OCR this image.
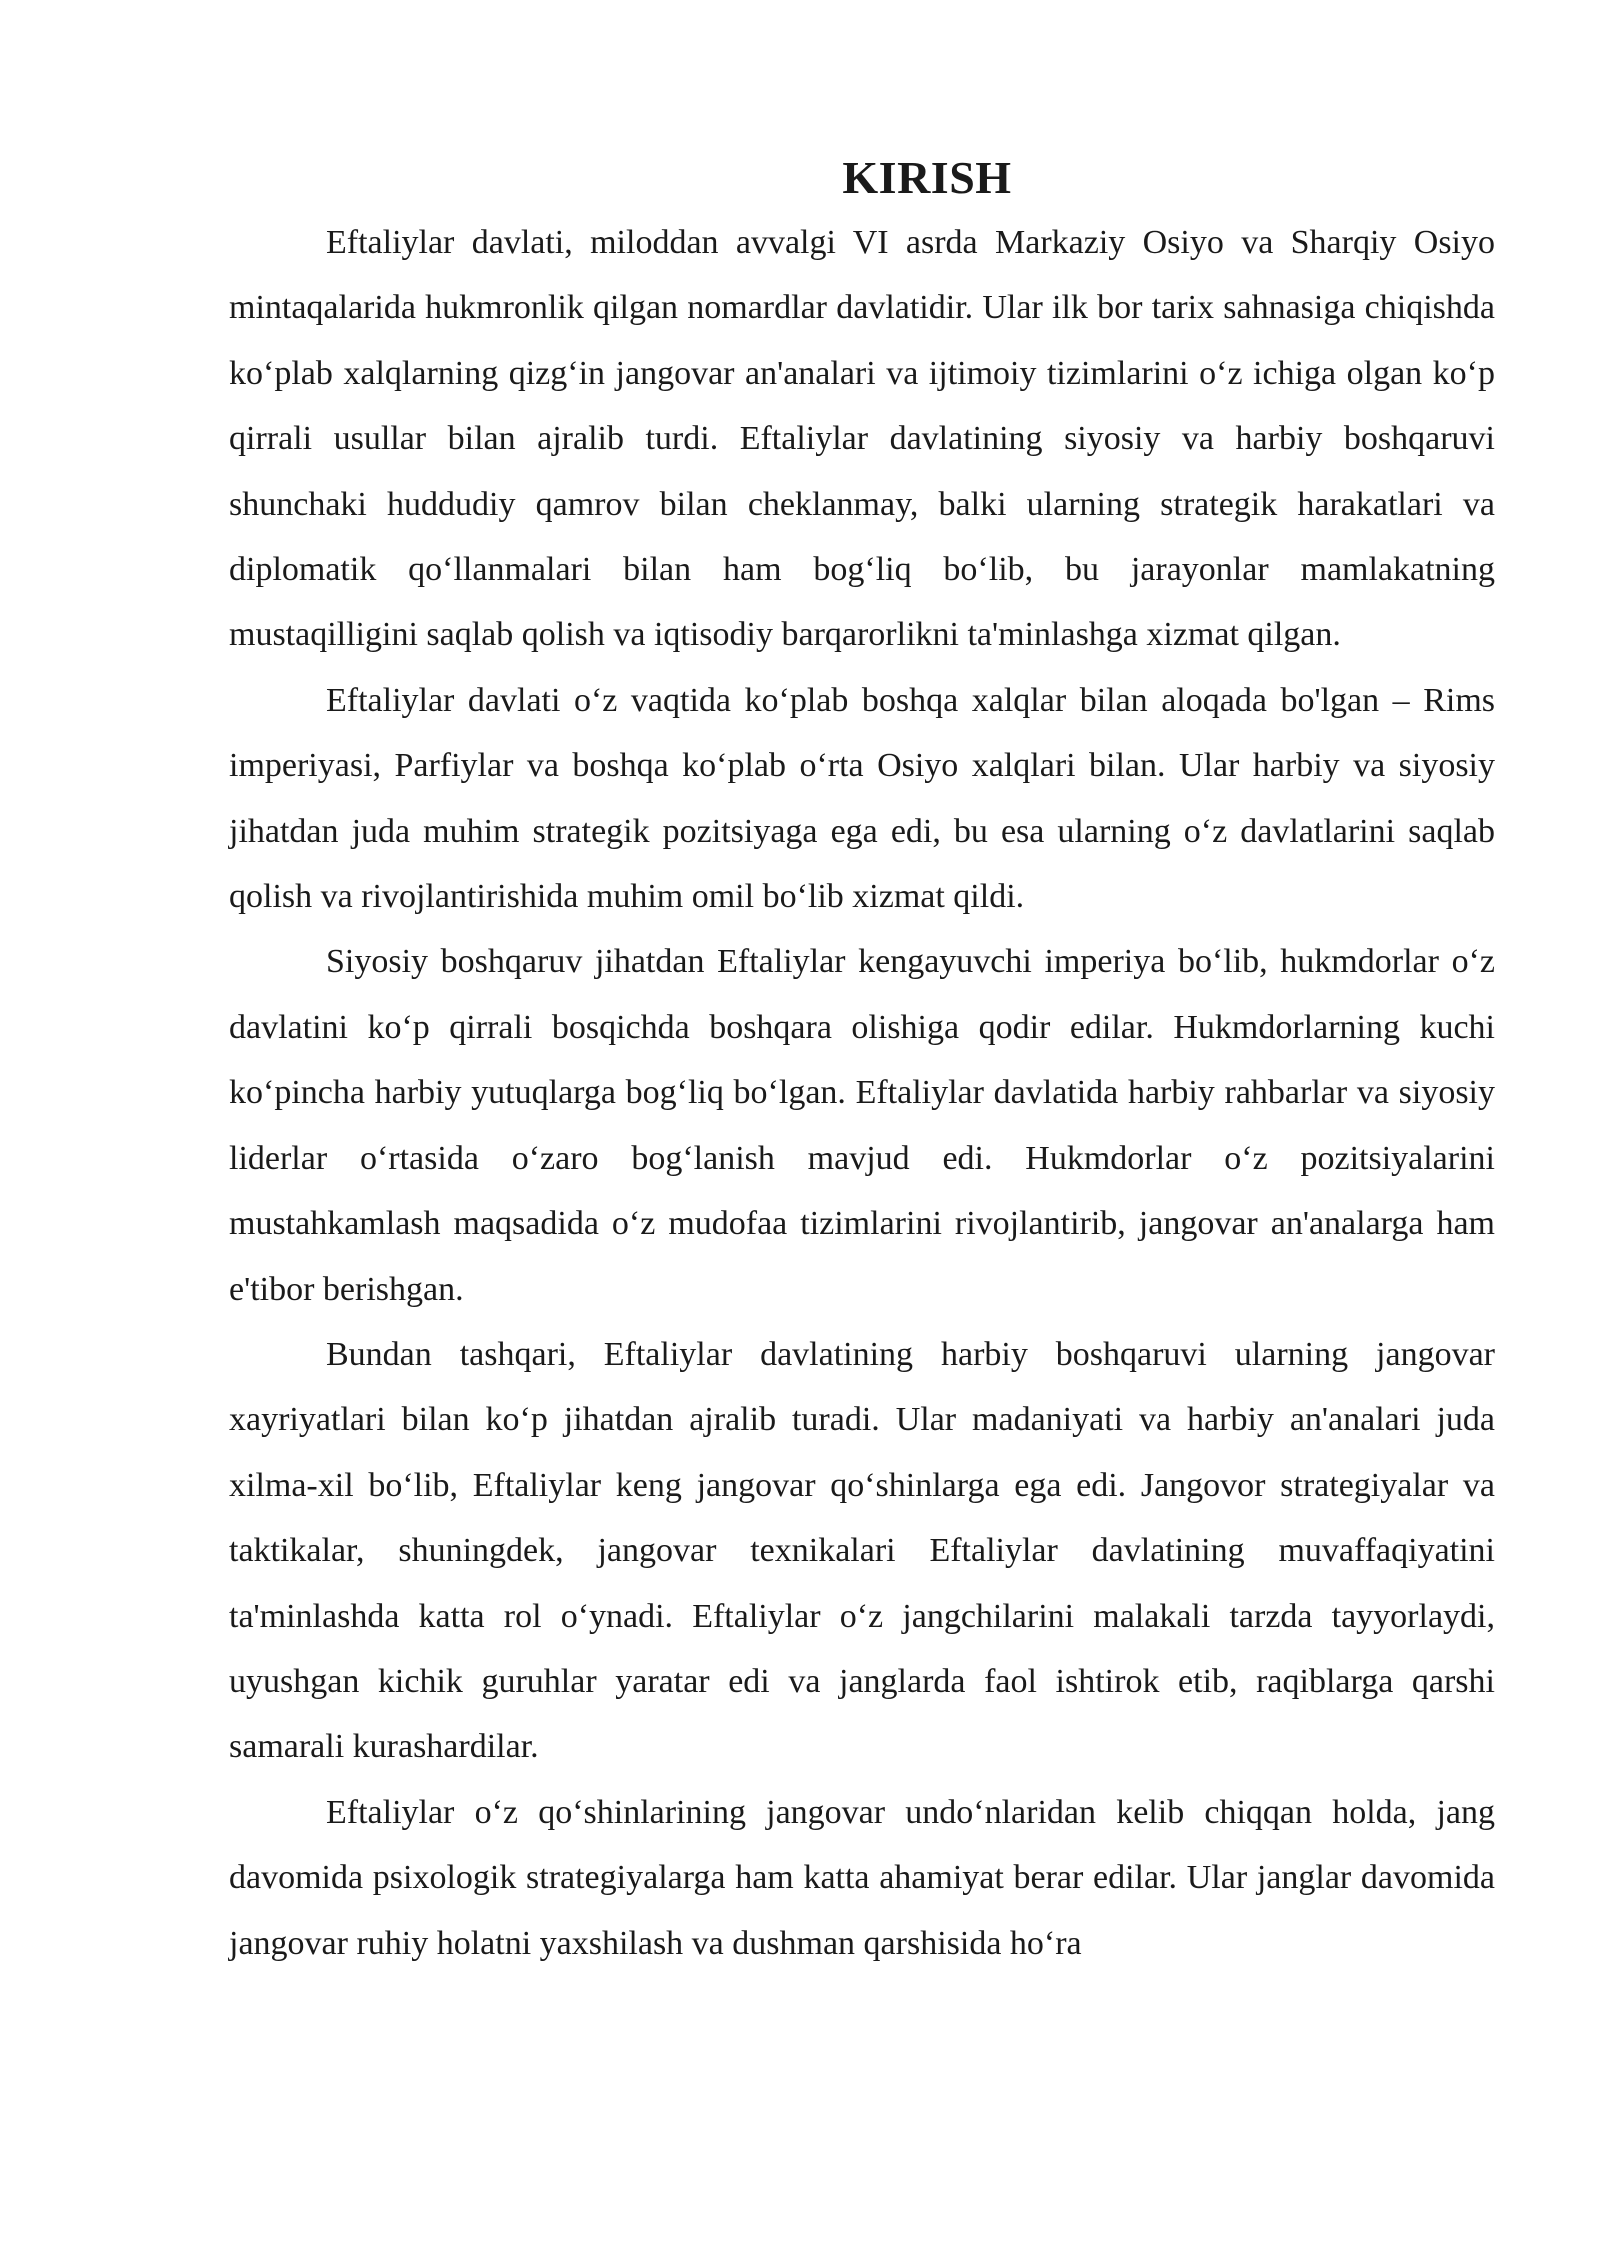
KIRISH

Eftaliylar davlati, miloddan avvalgi VI asrda Markaziy Osiyo va Sharqiy Osiyo mintaqalarida hukmronlik qilgan nomardlar davlatidir. Ular ilk bor tarix sahnasiga chiqishda ko‘plab xalqlarning qizg‘in jangovar an'analari va ijtimoiy tizimlarini o‘z ichiga olgan ko‘p qirrali usullar bilan ajralib turdi. Eftaliylar davlatining siyosiy va harbiy boshqaruvi shunchaki huddudiy qamrov bilan cheklanmay, balki ularning strategik harakatlari va diplomatik qo‘llanmalari bilan ham bog‘liq bo‘lib, bu jarayonlar mamlakatning mustaqilligini saqlab qolish va iqtisodiy barqarorlikni ta'minlashga xizmat qilgan.

Eftaliylar davlati o‘z vaqtida ko‘plab boshqa xalqlar bilan aloqada bo'lgan – Rims imperiyasi, Parfiylar va boshqa ko‘plab o‘rta Osiyo xalqlari bilan. Ular harbiy va siyosiy jihatdan juda muhim strategik pozitsiyaga ega edi, bu esa ularning o‘z davlatlarini saqlab qolish va rivojlantirishida muhim omil bo‘lib xizmat qildi.

Siyosiy boshqaruv jihatdan Eftaliylar kengayuvchi imperiya bo‘lib, hukmdorlar o‘z davlatini ko‘p qirrali bosqichda boshqara olishiga qodir edilar. Hukmdorlarning kuchi ko‘pincha harbiy yutuqlarga bog‘liq bo‘lgan. Eftaliylar davlatida harbiy rahbarlar va siyosiy liderlar o‘rtasida o‘zaro bog‘lanish mavjud edi. Hukmdorlar o‘z pozitsiyalarini mustahkamlash maqsadida o‘z mudofaa tizimlarini rivojlantirib, jangovar an'analarga ham e'tibor berishgan.

Bundan tashqari, Eftaliylar davlatining harbiy boshqaruvi ularning jangovar xayriyatlari bilan ko‘p jihatdan ajralib turadi. Ular madaniyati va harbiy an'analari juda xilma-xil bo‘lib, Eftaliylar keng jangovar qo‘shinlarga ega edi. Jangovor strategiyalar va taktikalar, shuningdek, jangovar texnikalari Eftaliylar davlatining muvaffaqiyatini ta'minlashda katta rol o‘ynadi. Eftaliylar o‘z jangchilarini malakali tarzda tayyorlaydi, uyushgan kichik guruhlar yaratar edi va janglarda faol ishtirok etib, raqiblarga qarshi samarali kurashardilar.

Eftaliylar o‘z qo‘shinlarining jangovar undo‘nlaridan kelib chiqqan holda, jang davomida psixologik strategiyalarga ham katta ahamiyat berar edilar. Ular janglar davomida jangovar ruhiy holatni yaxshilash va dushman qarshisida ho‘ra
